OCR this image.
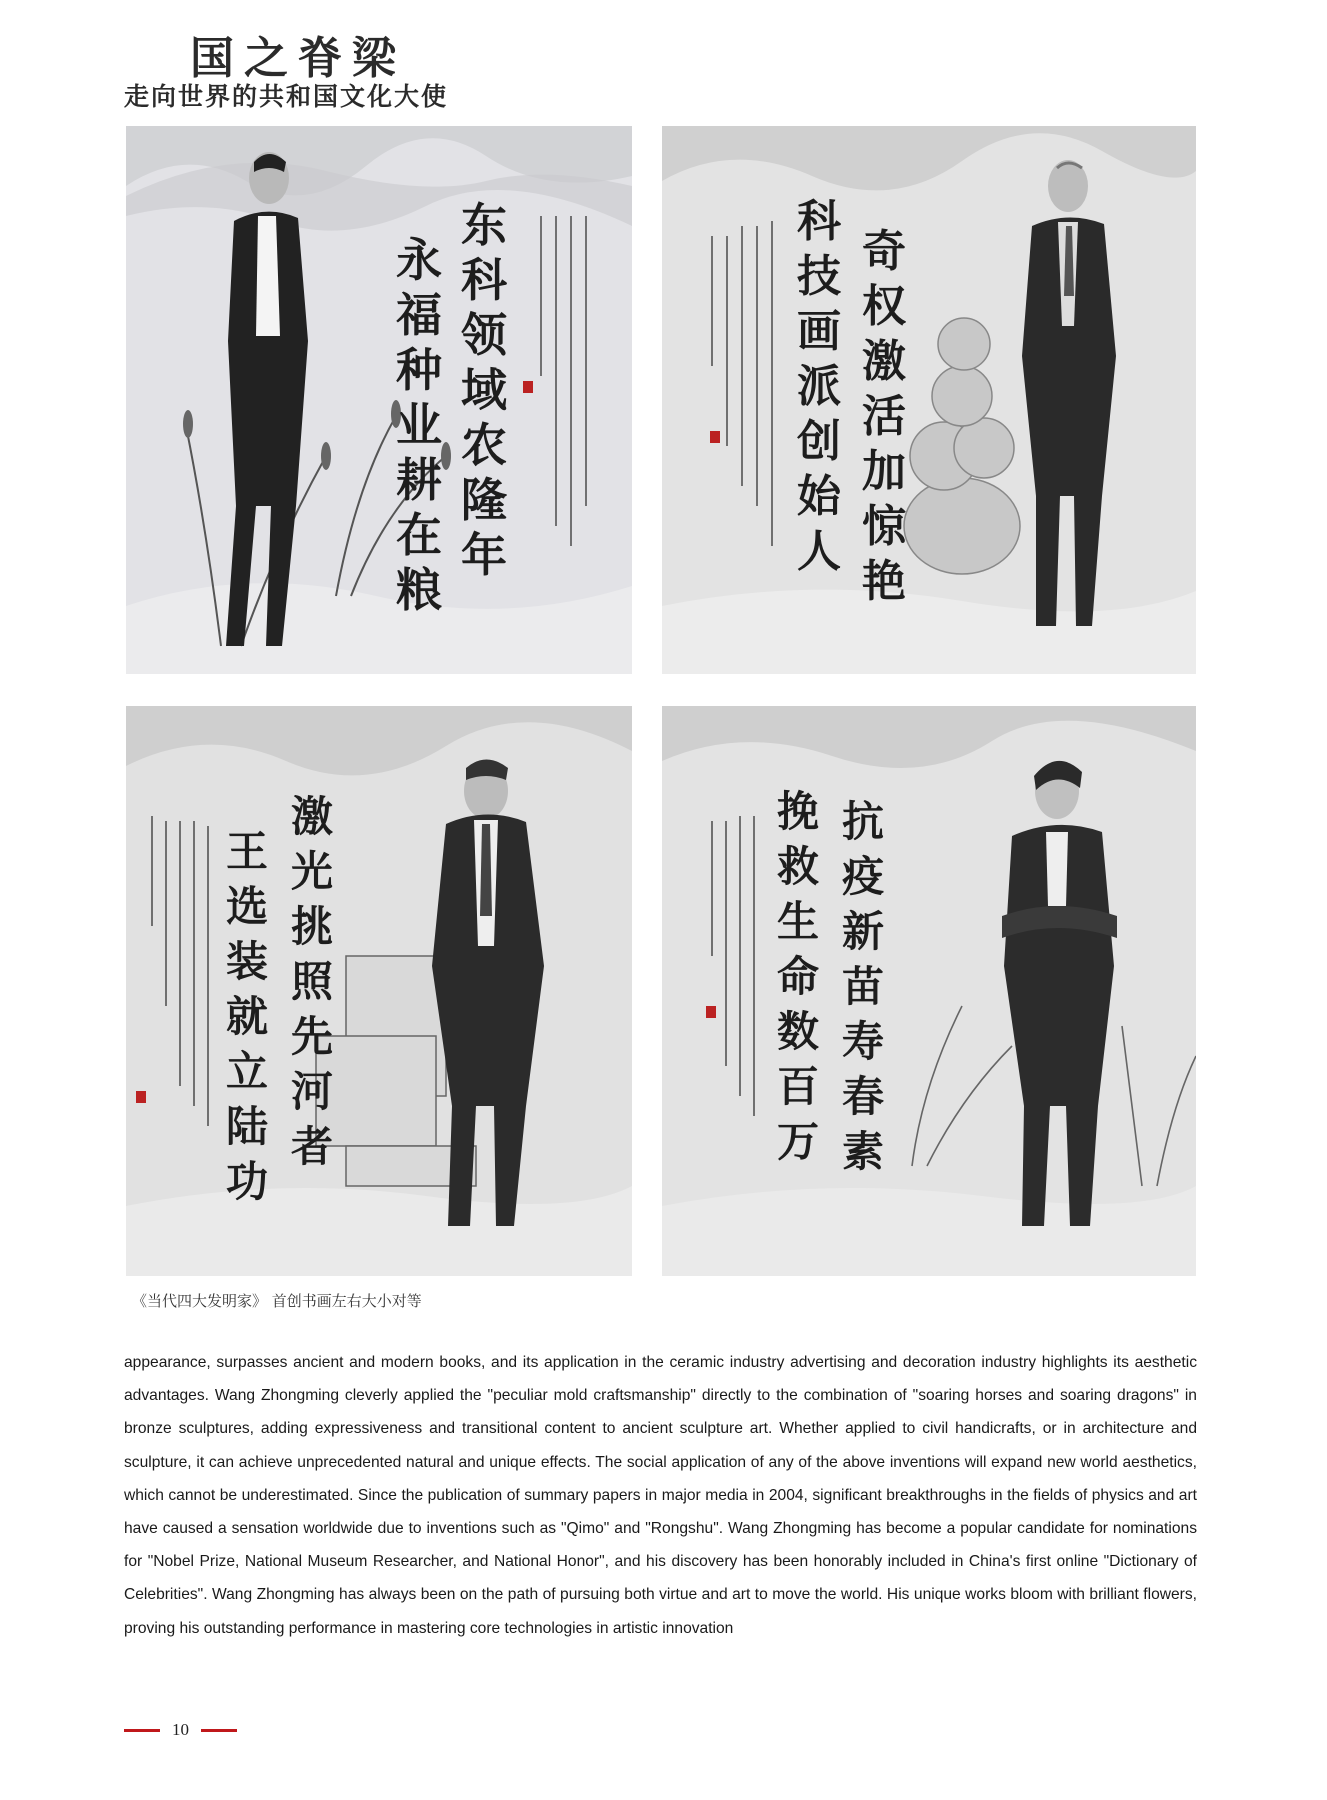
国之脊梁
走向世界的共和国文化大使
东
科
领
域
农
隆
年
永
福
种
业
耕
在
粮
奇
权
激
活
加
惊
艳
科
技
画
派
创
始
人
激
光
挑
照
先
河
者
王
选
装
就
立
陆
功
抗
疫
新
苗
寿
春
素
挽
救
生
命
数
百
万
《当代四大发明家》 首创书画左右大小对等
appearance, surpasses ancient and modern books, and its application in the ceramic industry advertising and decoration industry highlights its aesthetic advantages. Wang Zhongming cleverly applied the "peculiar mold craftsmanship" directly to the combination of "soaring horses and soaring dragons" in bronze sculptures, adding expressiveness and transitional content to ancient sculpture art. Whether applied to civil handicrafts, or in architecture and sculpture, it can achieve unprecedented natural and unique effects. The social application of any of the above inventions will expand new world aesthetics, which cannot be underestimated. Since the publication of summary papers in major media in 2004, significant breakthroughs in the fields of physics and art have caused a sensation worldwide due to inventions such as "Qimo" and "Rongshu". Wang Zhongming has become a popular candidate for nominations for "Nobel Prize, National Museum Researcher, and National Honor", and his discovery has been honorably included in China's first online "Dictionary of Celebrities". Wang Zhongming has always been on the path of pursuing both virtue and art to move the world. His unique works bloom with brilliant flowers, proving his outstanding performance in mastering core technologies in artistic innovation
10
